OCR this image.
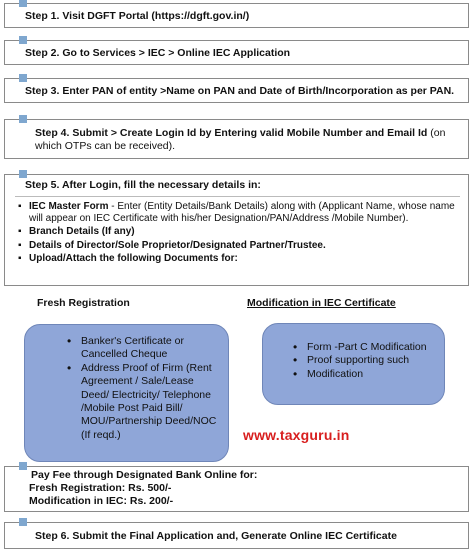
Step 1. Visit DGFT Portal (https://dgft.gov.in/)
Step 2. Go to Services > IEC > Online IEC Application
Step 3. Enter PAN of entity >Name on PAN and Date of Birth/Incorporation as per PAN.
Step 4. Submit > Create Login Id by Entering valid Mobile Number and Email Id (on which OTPs can be received).
Step 5. After Login, fill the necessary details in:
▪ IEC Master Form - Enter (Entity Details/Bank Details) along with (Applicant Name, whose name will appear on IEC Certificate with his/her Designation/PAN/Address /Mobile Number).
▪ Branch Details (If any)
▪ Details of Director/Sole Proprietor/Designated Partner/Trustee.
▪ Upload/Attach the following Documents for:
Fresh Registration	Modification in IEC Certificate
• Banker's Certificate or Cancelled Cheque
• Address Proof of Firm (Rent Agreement / Sale/Lease Deed/ Electricity/ Telephone /Mobile Post Paid Bill/ MOU/Partnership Deed/NOC (If reqd.)
• Form -Part C Modification
• Proof supporting such
• Modification
www.taxguru.in
Pay Fee through Designated Bank Online for:
Fresh Registration: Rs. 500/-
Modification in IEC: Rs. 200/-
Step 6. Submit the Final Application and, Generate Online IEC Certificate
